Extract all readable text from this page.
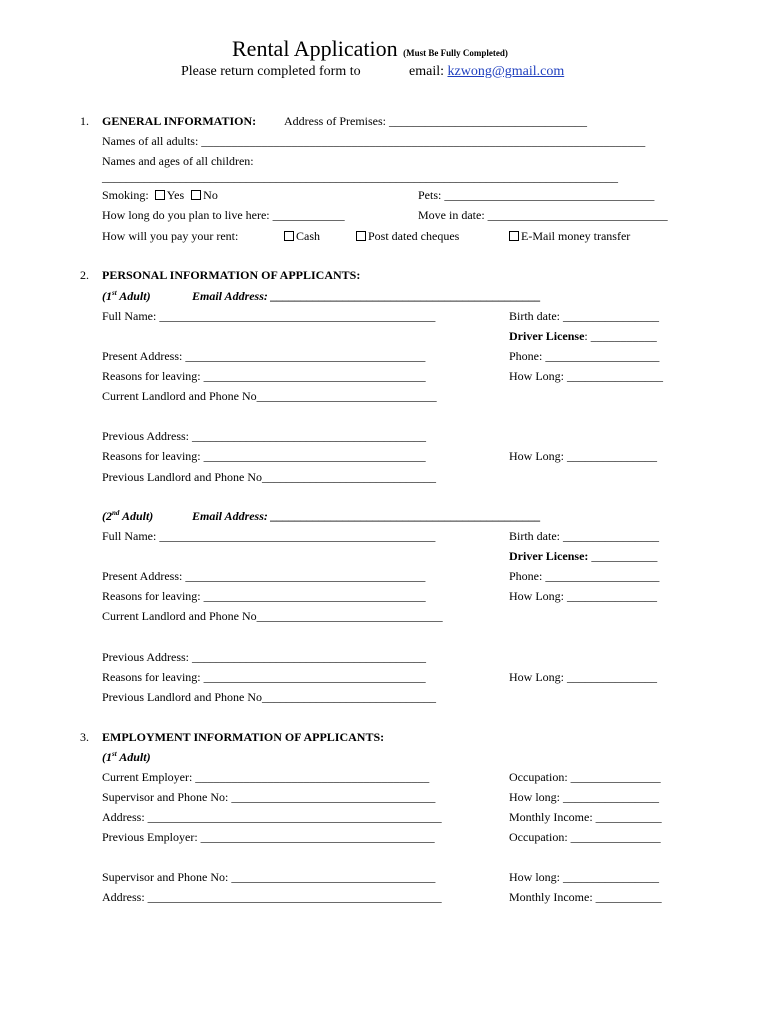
Rental Application (Must Be Fully Completed)
Please return completed form to	email: kzwong@gmail.com
1. GENERAL INFORMATION: Address of Premises: _________________________________
Names of all adults: __________________________________________________________________________
Names and ages of all children:
______________________________________________________________________________________
Smoking: Yes No	Pets: ___________________________________
How long do you plan to live here: ____________	Move in date: ______________________________
How will you pay your rent:	Cash	Post dated cheques	E-Mail money transfer
2. PERSONAL INFORMATION OF APPLICANTS:
(1st Adult)	Email Address: _____________________________________________
Full Name: ______________________________________________	Birth date: ________________
Driver License: ___________
Present Address: ________________________________________	Phone: ___________________
Reasons for leaving: _____________________________________	How Long: ________________
Current Landlord and Phone No______________________________
Previous Address: _______________________________________
Reasons for leaving: _____________________________________	How Long: _______________
Previous Landlord and Phone No_____________________________
(2nd Adult)	Email Address: _____________________________________________
Full Name: ______________________________________________	Birth date: ________________
Driver License: ___________
Present Address: ________________________________________	Phone: ___________________
Reasons for leaving: _____________________________________	How Long: _______________
Current Landlord and Phone No_______________________________
Previous Address: _______________________________________
Reasons for leaving: _____________________________________	How Long: _______________
Previous Landlord and Phone No_____________________________
3. EMPLOYMENT INFORMATION OF APPLICANTS:
(1st Adult)
Current Employer: _______________________________________	Occupation: _______________
Supervisor and Phone No: __________________________________	How long: ________________
Address: _________________________________________________	Monthly Income: ___________
Previous Employer: _______________________________________	Occupation: _______________
Supervisor and Phone No: __________________________________	How long: ________________
Address: _________________________________________________	Monthly Income: ___________
